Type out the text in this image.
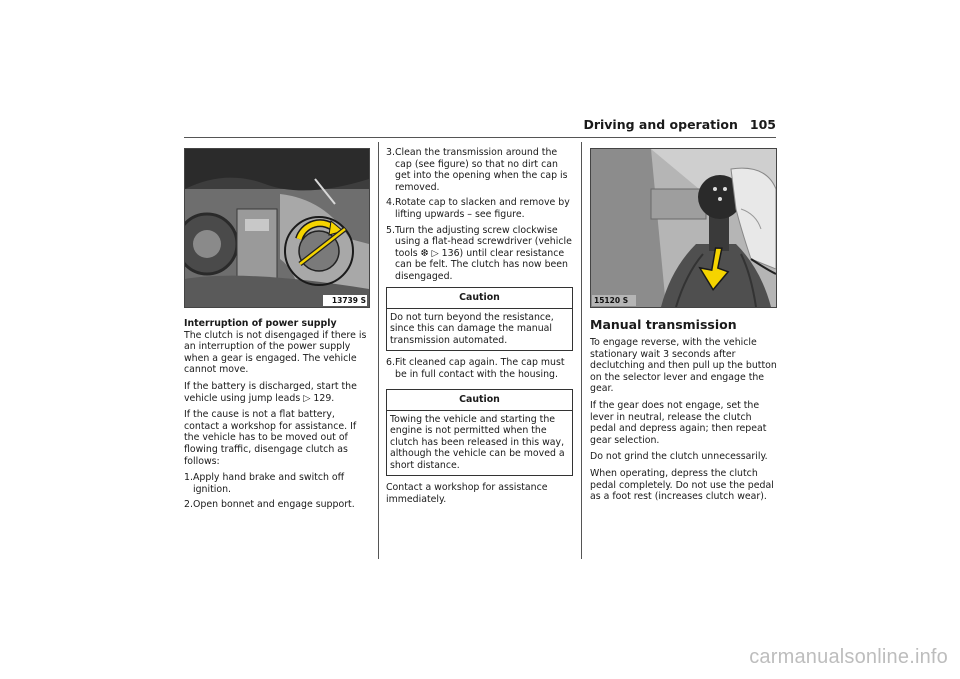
Driving and operation 105
13739 S

Interruption of power supply

The clutch is not disengaged if there is an interruption of the power supply when a gear is engaged. The vehicle cannot move.

If the battery is discharged, start the vehicle using jump leads ▷ 129.

If the cause is not a flat battery, contact a workshop for assistance. If the vehicle has to be moved out of flowing traffic, disengage clutch as follows:

1. Apply hand brake and switch off ignition.
2. Open bonnet and engage support.
3. Clean the transmission around the cap (see figure) so that no dirt can get into the opening when the cap is removed.
4. Rotate cap to slacken and remove by lifting upwards – see figure.
5. Turn the adjusting screw clockwise using a flat-head screwdriver (vehicle tools ❆ ▷ 136) until clear resistance can be felt. The clutch has now been disengaged.
Caution
Do not turn beyond the resistance, since this can damage the manual transmission automated.
6. Fit cleaned cap again. The cap must be in full contact with the housing.
Caution
Towing the vehicle and starting the engine is not permitted when the clutch has been released in this way, although the vehicle can be moved a short distance.

Contact a workshop for assistance immediately.

15120 S

Manual transmission

To engage reverse, with the vehicle stationary wait 3 seconds after declutching and then pull up the button on the selector lever and engage the gear.

If the gear does not engage, set the lever in neutral, release the clutch pedal and depress again; then repeat gear selection.

Do not grind the clutch unnecessarily.

When operating, depress the clutch pedal completely. Do not use the pedal as a foot rest (increases clutch wear).

carmanualsonline.info
